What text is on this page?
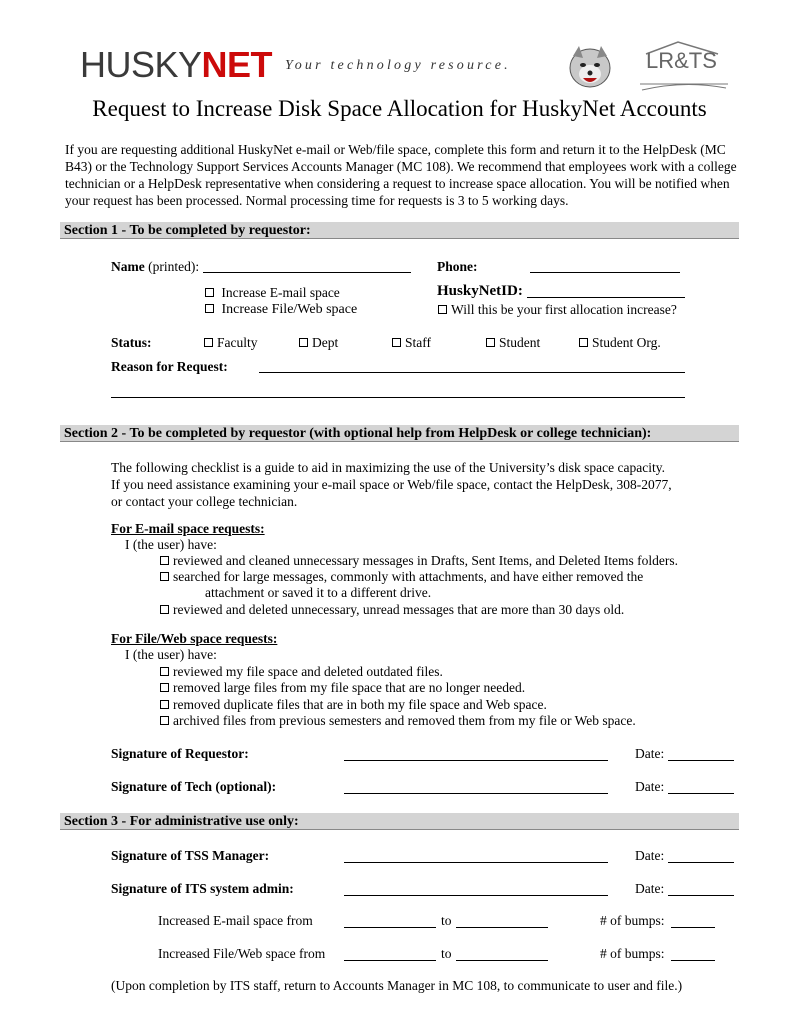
HUSKYNET Your technology resource.	LR&TS
Request to Increase Disk Space Allocation for HuskyNet Accounts
If you are requesting additional HuskyNet e-mail or Web/file space, complete this form and return it to the HelpDesk (MC B43) or the Technology Support Services Accounts Manager (MC 108). We recommend that employees work with a college technician or a HelpDesk representative when considering a request to increase space allocation. You will be notified when your request has been processed. Normal processing time for requests is 3 to 5 working days.
Section 1 - To be completed by requestor:
Name (printed):	Phone:
Increase E-mail space
Increase File/Web space
HuskyNetID:
Will this be your first allocation increase?
Status:	Faculty	Dept	Staff	Student	Student Org.
Reason for Request:
Section 2 - To be completed by requestor (with optional help from HelpDesk or college technician):
The following checklist is a guide to aid in maximizing the use of the University’s disk space capacity.
If you need assistance examining your e-mail space or Web/file space, contact the HelpDesk, 308-2077,
or contact your college technician.
For E-mail space requests:
I (the user) have:
reviewed and cleaned unnecessary messages in Drafts, Sent Items, and Deleted Items folders.
searched for large messages, commonly with attachments, and have either removed the
attachment or saved it to a different drive.
reviewed and deleted unnecessary, unread messages that are more than 30 days old.
For File/Web space requests:
I (the user) have:
reviewed my file space and deleted outdated files.
removed large files from my file space that are no longer needed.
removed duplicate files that are in both my file space and Web space.
archived files from previous semesters and removed them from my file or Web space.
Signature of Requestor:	Date:
Signature of Tech (optional):	Date:
Section 3 - For administrative use only:
Signature of TSS Manager:	Date:
Signature of ITS system admin:	Date:
Increased E-mail space from	to	# of bumps:
Increased File/Web space from	to	# of bumps:
(Upon completion by ITS staff, return to Accounts Manager in MC 108, to communicate to user and file.)
